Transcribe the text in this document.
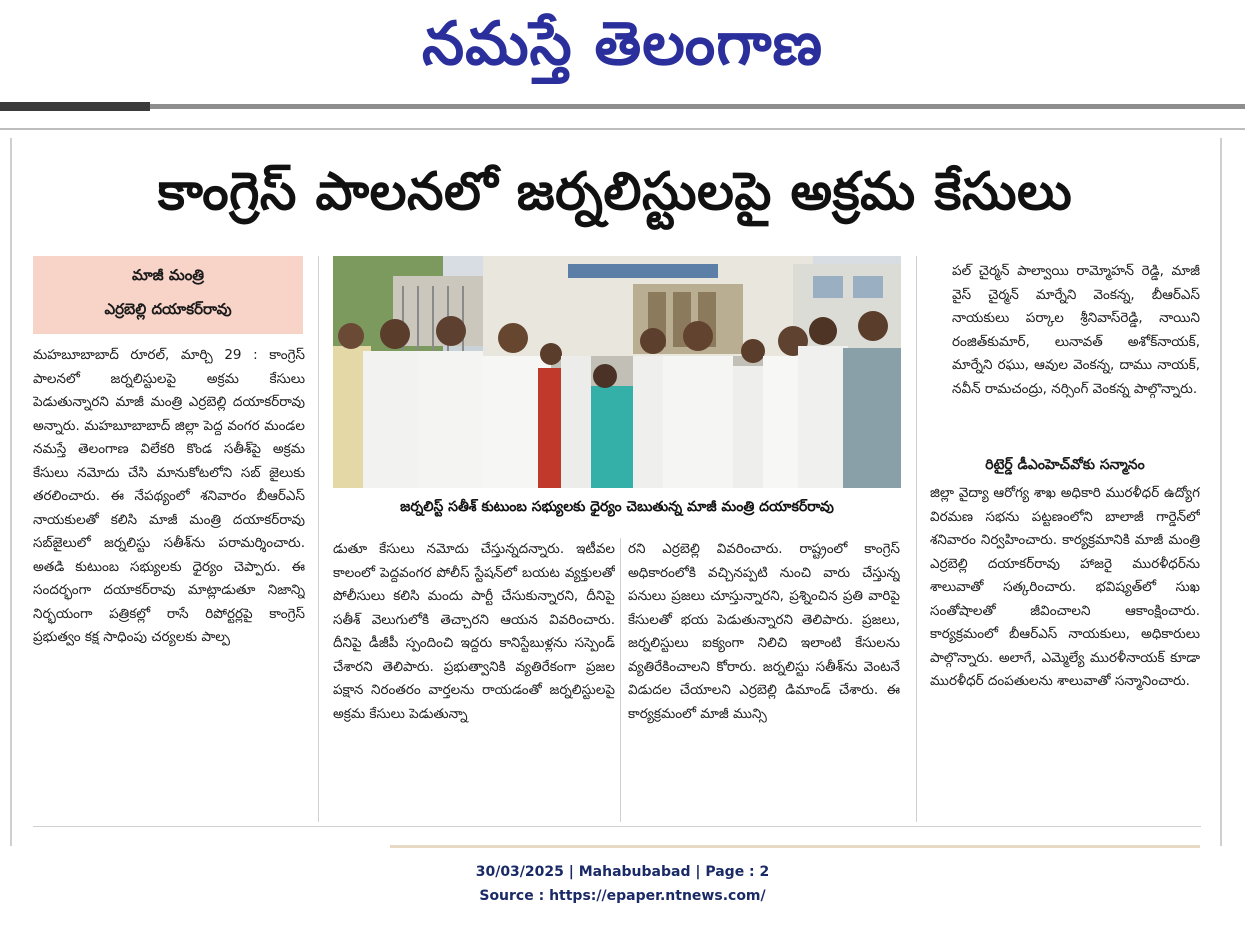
నమస్తే తెలంగాణ
కాంగ్రెస్ పాలనలో జర్నలిస్టులపై అక్రమ కేసులు
మాజీ మంత్రి
ఎర్రబెల్లి దయాకర్‌రావు

మహబూబాబాద్ రూరల్, మార్చి 29 : కాంగ్రెస్ పాలనలో జర్నలిస్టులపై అక్రమ కేసులు పెడుతున్నారని మాజీ మంత్రి ఎర్రబెల్లి దయాకర్‌రావు అన్నారు. మహబూబాబాద్ జిల్లా పెద్ద వంగర మండల నమస్తే తెలంగాణ విలేకరి కొండ సతీశ్‌పై అక్రమ కేసులు నమోదు చేసి మానుకోటలోని సబ్ జైలుకు తరలించారు. ఈ నేపథ్యంలో శనివారం బీఆర్‌ఎస్ నాయకులతో కలిసి మాజీ మంత్రి దయాకర్‌రావు సబ్‌జైలులో జర్నలిస్టు సతీశ్‌ను పరామర్శించారు. అతడి కుటుంబ సభ్యులకు ధైర్యం చెప్పారు. ఈ సందర్భంగా దయాకర్‌రావు మాట్లాడుతూ నిజాన్ని నిర్భయంగా పత్రికల్లో రాసే రిపోర్టర్లపై కాంగ్రెస్ ప్రభుత్వం కక్ష సాధింపు చర్యలకు పాల్ప

జర్నలిస్ట్ సతీశ్ కుటుంబ సభ్యులకు ధైర్యం చెబుతున్న మాజీ మంత్రి దయాకర్‌రావు

డుతూ కేసులు నమోదు చేస్తున్నదన్నారు. ఇటీవల కాలంలో పెద్దవంగర పోలీస్ స్టేషన్‌లో బయట వ్యక్తులతో పోలీసులు కలిసి మందు పార్టీ చేసుకున్నారని, దీనిపై సతీశ్ వెలుగులోకి తెచ్చారని ఆయన వివరించారు. దీనిపై డీజీపీ స్పందించి ఇద్దరు కానిస్టేబుళ్లను సస్పెండ్ చేశారని తెలిపారు. ప్రభుత్వానికి వ్యతిరేకంగా ప్రజల పక్షాన నిరంతరం వార్తలను రాయడంతో జర్నలిస్టులపై అక్రమ కేసులు పెడుతున్నా

రని ఎర్రబెల్లి వివరించారు. రాష్ట్రంలో కాంగ్రెస్ అధికారంలోకి వచ్చినప్పటి నుంచి వారు చేస్తున్న పనులు ప్రజలు చూస్తున్నారని, ప్రశ్నించిన ప్రతి వారిపై కేసులతో భయ పెడుతున్నారని తెలిపారు. ప్రజలు, జర్నలిస్టులు ఐక్యంగా నిలిచి ఇలాంటి కేసులను వ్యతిరేకించాలని కోరారు. జర్నలిస్టు సతీశ్‌ను వెంటనే విడుదల చేయాలని ఎర్రబెల్లి డిమాండ్ చేశారు. ఈ కార్యక్రమంలో మాజీ మున్సి

పల్ చైర్మన్ పాల్వాయి రామ్మోహన్ రెడ్డి, మాజీ వైస్ చైర్మన్ మార్నేని వెంకన్న, బీఆర్‌ఎస్ నాయకులు పర్కాల శ్రీనివాస్‌రెడ్డి, నాయిని రంజిత్‌కుమార్, లునావత్ అశోక్‌నాయక్, మార్నేని రఘు, ఆవుల వెంకన్న, దాము నాయక్, నవీన్ రామచంద్రు, నర్సింగ్ వెంకన్న పాల్గొన్నారు.

రిటైర్డ్ డీఎంహెచ్‌వోకు సన్మానం

జిల్లా వైద్యా ఆరోగ్య శాఖ అధికారి మురళీధర్ ఉద్యోగ విరమణ సభను పట్టణంలోని బాలాజీ గార్డెన్‌లో శనివారం నిర్వహించారు. కార్యక్రమానికి మాజీ మంత్రి ఎర్రబెల్లి దయాకర్‌రావు హాజరై మురళీధర్‌ను శాలువాతో సత్కరించారు. భవిష్యత్‌లో సుఖ సంతోషాలతో జీవించాలని ఆకాంక్షించారు. కార్యక్రమంలో బీఆర్‌ఎస్ నాయకులు, అధికారులు పాల్గొన్నారు. అలాగే, ఎమ్మెల్యే మురళీనాయక్ కూడా మురళీధర్ దంపతులను శాలువాతో సన్మానించారు.

30/03/2025 | Mahabubabad | Page : 2
Source : https://epaper.ntnews.com/
